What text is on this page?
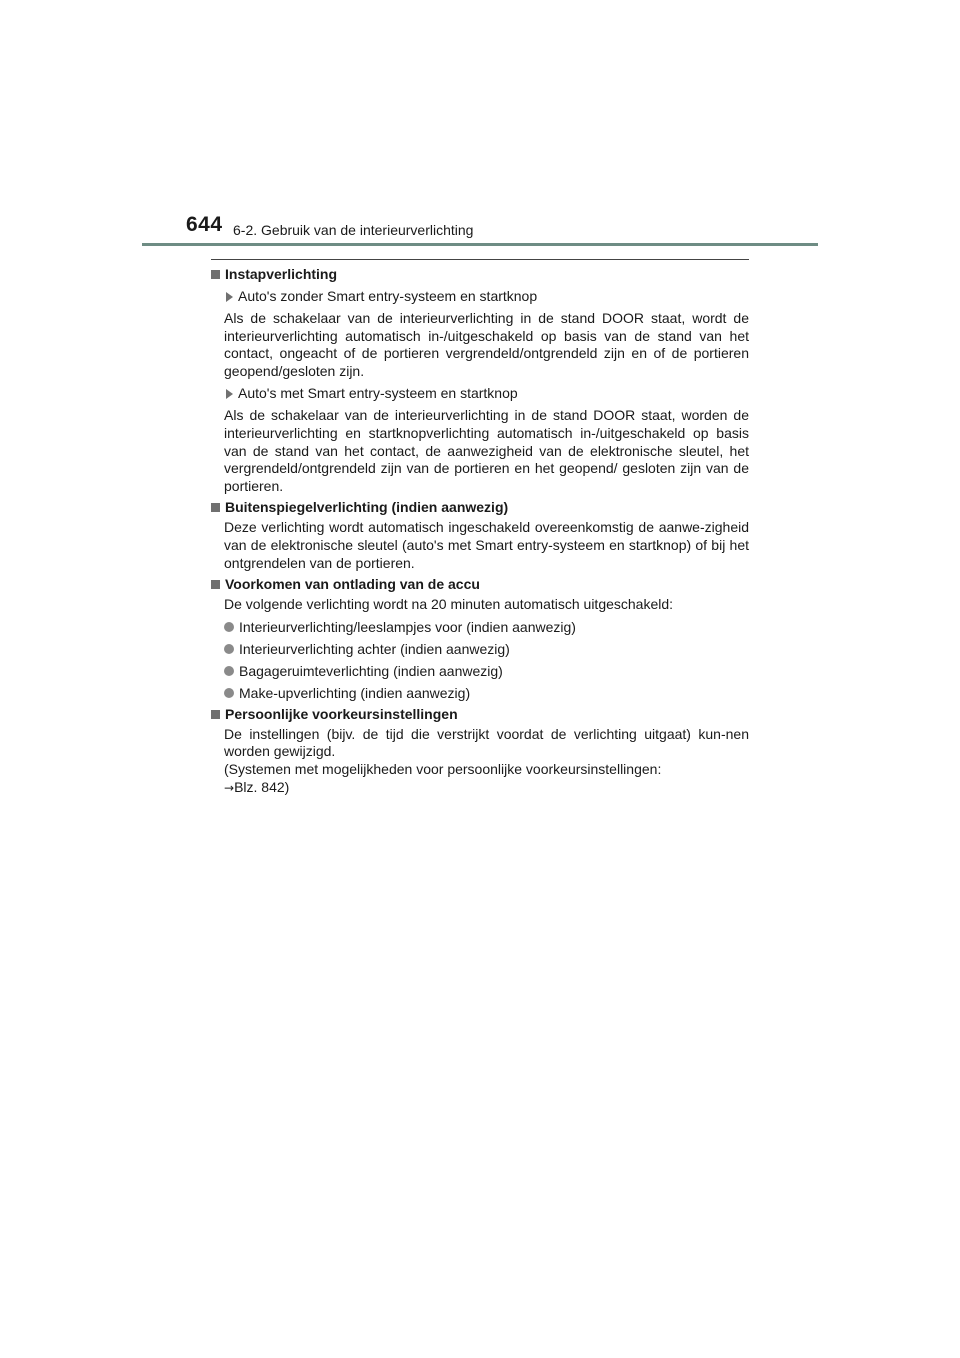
644 6-2. Gebruik van de interieurverlichting
Instapverlichting
Auto's zonder Smart entry-systeem en startknop

Als de schakelaar van de interieurverlichting in de stand DOOR staat, wordt de interieurverlichting automatisch in-/uitgeschakeld op basis van de stand van het contact, ongeacht of de portieren vergrendeld/ontgrendeld zijn en of de portieren geopend/gesloten zijn.

Auto's met Smart entry-systeem en startknop

Als de schakelaar van de interieurverlichting in de stand DOOR staat, worden de interieurverlichting en startknopverlichting automatisch in-/uitgeschakeld op basis van de stand van het contact, de aanwezigheid van de elektronische sleutel, het vergrendeld/ontgrendeld zijn van de portieren en het geopend/ gesloten zijn van de portieren.

Buitenspiegelverlichting (indien aanwezig)

Deze verlichting wordt automatisch ingeschakeld overeenkomstig de aanwe-zigheid van de elektronische sleutel (auto's met Smart entry-systeem en startknop) of bij het ontgrendelen van de portieren.

Voorkomen van ontlading van de accu

De volgende verlichting wordt na 20 minuten automatisch uitgeschakeld:

Interieurverlichting/leeslampjes voor (indien aanwezig)
Interieurverlichting achter (indien aanwezig)
Bagageruimteverlichting (indien aanwezig)
Make-upverlichting (indien aanwezig)
Persoonlijke voorkeursinstellingen

De instellingen (bijv. de tijd die verstrijkt voordat de verlichting uitgaat) kun-nen worden gewijzigd.
(Systemen met mogelijkheden voor persoonlijke voorkeursinstellingen:
→Blz. 842)
